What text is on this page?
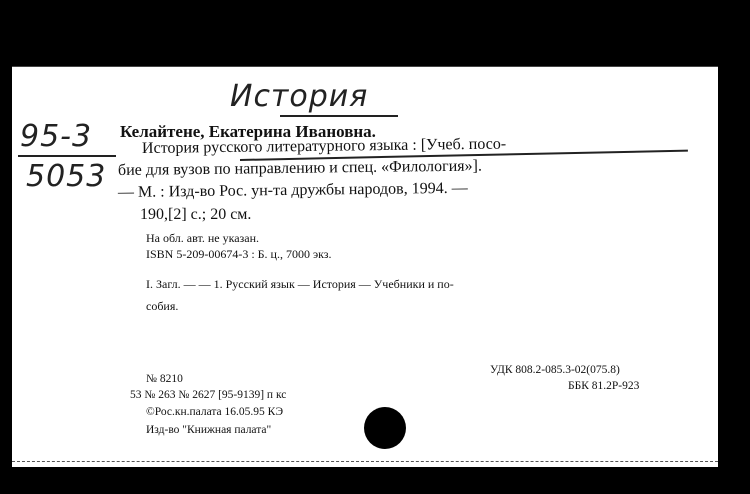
История
95-3
5053
Келайтене, Екатерина Ивановна.
История русского литературного языка : [Учеб. посо-
бие для вузов по направлению и спец. «Филология»].
— М. : Изд-во Рос. ун-та дружбы народов, 1994. —
190,[2] с.; 20 см.
На обл. авт. не указан.
ISBN 5-209-00674-3 : Б. ц., 7000 экз.
I. Загл. — — 1. Русский язык — История — Учебники и по-
собия.
№ 8210
53 № 263 № 2627 [95-9139] п кс
©Рос.кн.палата 16.05.95 КЭ
Изд-во "Книжная палата"
УДК 808.2-085.3-02(075.8)
ББК 81.2Р-923
